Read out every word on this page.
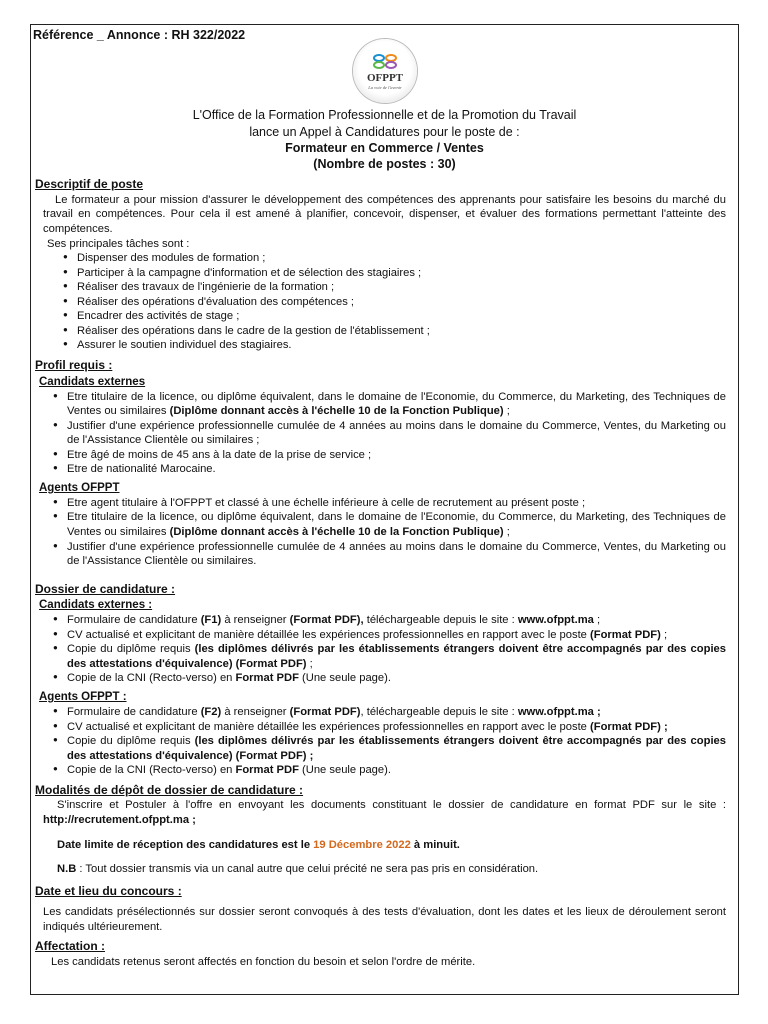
Référence _ Annonce : RH 322/2022
OFPPT
La voie de l'avenir
L'Office de la Formation Professionnelle et de la Promotion du Travail
lance un Appel à Candidatures pour le poste de :
Formateur en Commerce / Ventes
(Nombre de postes : 30)
Descriptif de poste

Le formateur a pour mission d'assurer le développement des compétences des apprenants pour satisfaire les besoins du marché du travail en compétences. Pour cela il est amené à planifier, concevoir, dispenser, et évaluer des formations permettant l'atteinte des compétences.

Ses principales tâches sont :
● Dispenser des modules de formation ;
● Participer à la campagne d'information et de sélection des stagiaires ;
● Réaliser des travaux de l'ingénierie de la formation ;
● Réaliser des opérations d'évaluation des compétences ;
● Encadrer des activités de stage ;
● Réaliser des opérations dans le cadre de la gestion de l'établissement ;
● Assurer le soutien individuel des stagiaires.
Profil requis :
Candidats externes
● Etre titulaire de la licence, ou diplôme équivalent, dans le domaine de l'Economie, du Commerce, du Marketing, des Techniques de Ventes ou similaires (Diplôme donnant accès à l'échelle 10 de la Fonction Publique) ;
● Justifier d'une expérience professionnelle cumulée de 4 années au moins dans le domaine du Commerce, Ventes, du Marketing ou de l'Assistance Clientèle ou similaires ;
● Etre âgé de moins de 45 ans à la date de la prise de service ;
● Etre de nationalité Marocaine.
Agents OFPPT
● Etre agent titulaire à l'OFPPT et classé à une échelle inférieure à celle de recrutement au présent poste ;
● Etre titulaire de la licence, ou diplôme équivalent, dans le domaine de l'Economie, du Commerce, du Marketing, des Techniques de Ventes ou similaires (Diplôme donnant accès à l'échelle 10 de la Fonction Publique) ;
● Justifier d'une expérience professionnelle cumulée de 4 années au moins dans le domaine du Commerce, Ventes, du Marketing ou de l'Assistance Clientèle ou similaires.
Dossier de candidature :
Candidats externes :
● Formulaire de candidature (F1) à renseigner (Format PDF), téléchargeable depuis le site : www.ofppt.ma ;
● CV actualisé et explicitant de manière détaillée les expériences professionnelles en rapport avec le poste (Format PDF) ;
● Copie du diplôme requis (les diplômes délivrés par les établissements étrangers doivent être accompagnés par des copies des attestations d'équivalence) (Format PDF) ;
● Copie de la CNI (Recto-verso) en Format PDF (Une seule page).
Agents OFPPT :
● Formulaire de candidature (F2) à renseigner (Format PDF), téléchargeable depuis le site : www.ofppt.ma ;
● CV actualisé et explicitant de manière détaillée les expériences professionnelles en rapport avec le poste (Format PDF) ;
● Copie du diplôme requis (les diplômes délivrés par les établissements étrangers doivent être accompagnés par des copies des attestations d'équivalence) (Format PDF) ;
● Copie de la CNI (Recto-verso) en Format PDF (Une seule page).
Modalités de dépôt de dossier de candidature :

S'inscrire et Postuler à l'offre en envoyant les documents constituant le dossier de candidature en format PDF sur le site : http://recrutement.ofppt.ma ;

Date limite de réception des candidatures est le 19 Décembre 2022 à minuit.

N.B : Tout dossier transmis via un canal autre que celui précité ne sera pas pris en considération.

Date et lieu du concours :

Les candidats présélectionnés sur dossier seront convoqués à des tests d'évaluation, dont les dates et les lieux de déroulement seront indiqués ultérieurement.

Affectation :

Les candidats retenus seront affectés en fonction du besoin et selon l'ordre de mérite.
